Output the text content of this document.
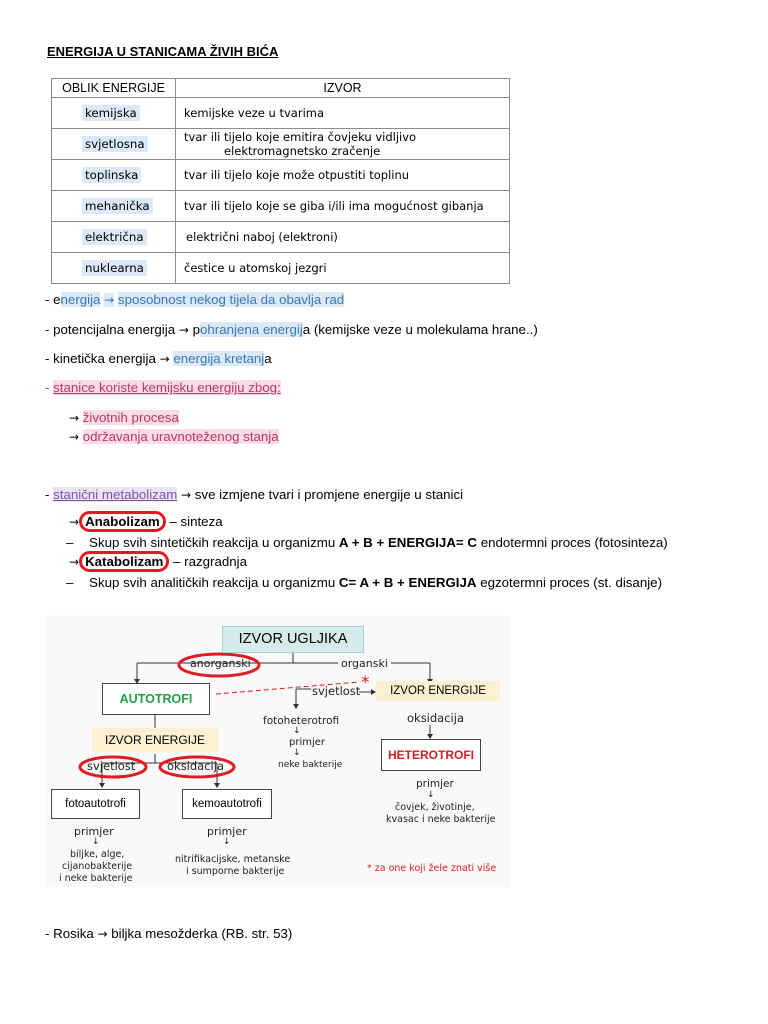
ENERGIJA U STANICAMA ŽIVIH BIĆA
OBLIK ENERGIJE	IZVOR
kemijska	kemijske veze u tvarima
svjetlosna	tvar ili tijelo koje emitira čovjeku vidljivo
elektromagnetsko zračenje

toplinska	tvar ili tijelo koje može otpustiti toplinu
mehanička	tvar ili tijelo koje se giba i/ili ima mogućnost gibanja
električna	električni naboj (elektroni)
nuklearna	čestice u atomskoj jezgri
- energija → sposobnost nekog tijela da obavlja rad
- potencijalna energija → pohranjena energija (kemijske veze u molekulama hrane..)
- kinetička energija → energija kretanja
- stanice koriste kemijsku energiju zbog:
→ životnih procesa
→ održavanja uravnoteženog stanja
- stanični metabolizam → sve izmjene tvari i promjene energije u stanici
→ Anabolizam – sinteza
– Skup svih sintetičkih reakcija u organizmu A + B + ENERGIJA= C endotermni proces (fotosinteza)
→ Katabolizam – razgradnja
– Skup svih analitičkih reakcija u organizmu C= A + B + ENERGIJA egzotermni proces (st. disanje)
IZVOR UGLJIKA
anorganski	organski
AUTOTROFI
svjetlost *	IZVOR ENERGIJE
oksidacija
fotoheterotrofi
↓
primjer
↓
neke bakterije
HETEROTROFI
primjer
↓
čovjek, životinje,
kvasac i neke bakterije
IZVOR ENERGIJE
svjetlost	oksidacija
fotoautotrofi	kemoautotrofi
primjer	primjer
↓	↓
biljke, alge,
cijanobakterije
i neke bakterije
nitrifikacijske, metanske
i sumporne bakterije	* za one koji žele znati više
- Rosika → biljka mesožderka (RB. str. 53)
